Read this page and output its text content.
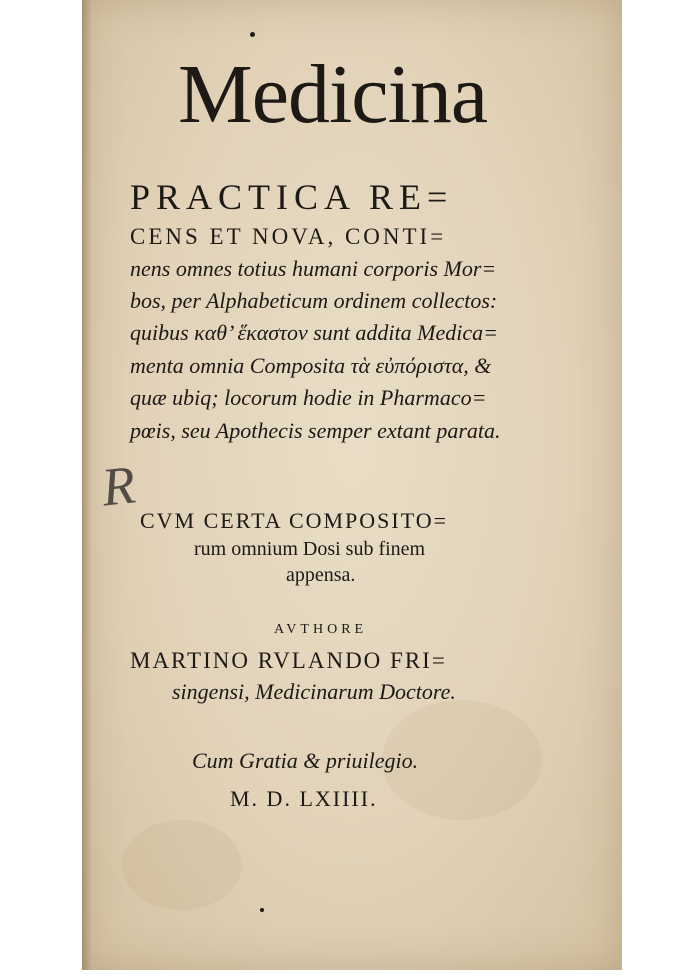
Medicina
PRACTICA RE=
CENS ET NOVA, CONTI=
nens omnes totius humani corporis Mor=
bos, per Alphabeticum ordinem collectos:
quibus καθ’ ἕκαστον sunt addita Medica=
menta omnia Composita τὰ εὐπόριστα, &
quæ ubiq; locorum hodie in Pharmaco=
pœis, seu Apothecis semper extant parata.
R
CVM CERTA COMPOSITO=
rum omnium Dosi sub finem
appensa.
AVTHORE
MARTINO RVLANDO FRI=
singensi, Medicinarum Doctore.
Cum Gratia & priuilegio.
M. D. LXIIII.
